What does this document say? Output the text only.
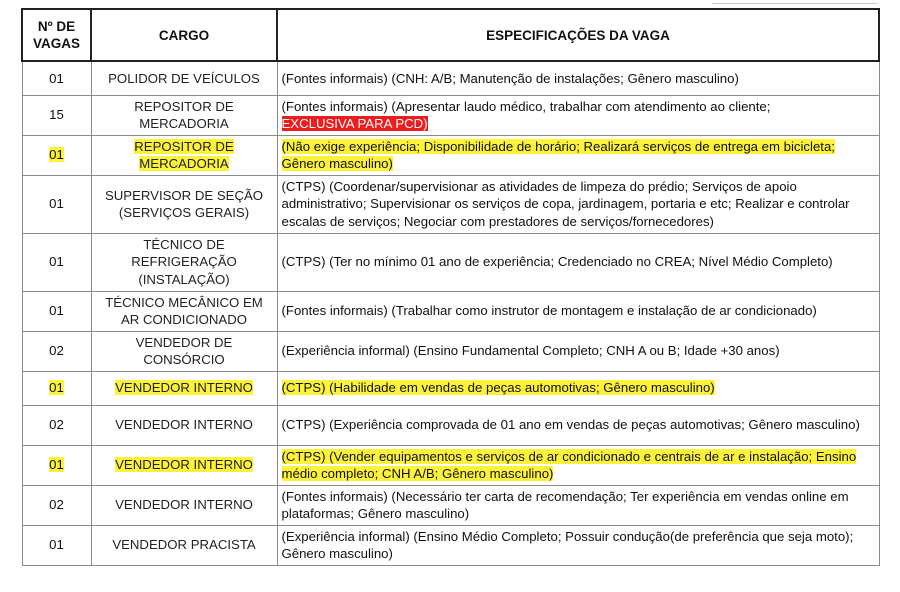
Nº DE VAGAS	CARGO	ESPECIFICAÇÕES DA VAGA
01	POLIDOR DE VEÍCULOS	(Fontes informais) (CNH: A/B; Manutenção de instalações; Gênero masculino)
15	REPOSITOR DE MERCADORIA	(Fontes informais) (Apresentar laudo médico, trabalhar com atendimento ao cliente;
EXCLUSIVA PARA PCD)
01	REPOSITOR DE MERCADORIA	(Não exige experiência; Disponibilidade de horário; Realizará serviços de entrega em bicicleta; Gênero masculino)
01	SUPERVISOR DE SEÇÃO (SERVIÇOS GERAIS)	(CTPS) (Coordenar/supervisionar as atividades de limpeza do prédio; Serviços de apoio administrativo; Supervisionar os serviços de copa, jardinagem, portaria e etc; Realizar e controlar escalas de serviços; Negociar com prestadores de serviços/fornecedores)
01	TÉCNICO DE REFRIGERAÇÃO (INSTALAÇÃO)	(CTPS) (Ter no mínimo 01 ano de experiência; Credenciado no CREA; Nível Médio Completo)
01	TÉCNICO MECÂNICO EM AR CONDICIONADO	(Fontes informais) (Trabalhar como instrutor de montagem e instalação de ar condicionado)
02	VENDEDOR DE CONSÓRCIO	(Experiência informal) (Ensino Fundamental Completo; CNH A ou B; Idade +30 anos)
01	VENDEDOR INTERNO	(CTPS) (Habilidade em vendas de peças automotivas; Gênero masculino)
02	VENDEDOR INTERNO	(CTPS) (Experiência comprovada de 01 ano em vendas de peças automotivas; Gênero masculino)
01	VENDEDOR INTERNO	(CTPS) (Vender equipamentos e serviços de ar condicionado e centrais de ar e instalação; Ensino médio completo; CNH A/B; Gênero masculino)
02	VENDEDOR INTERNO	(Fontes informais) (Necessário ter carta de recomendação; Ter experiência em vendas online em plataformas; Gênero masculino)
01	VENDEDOR PRACISTA	(Experiência informal) (Ensino Médio Completo; Possuir condução(de preferência que seja moto); Gênero masculino)
